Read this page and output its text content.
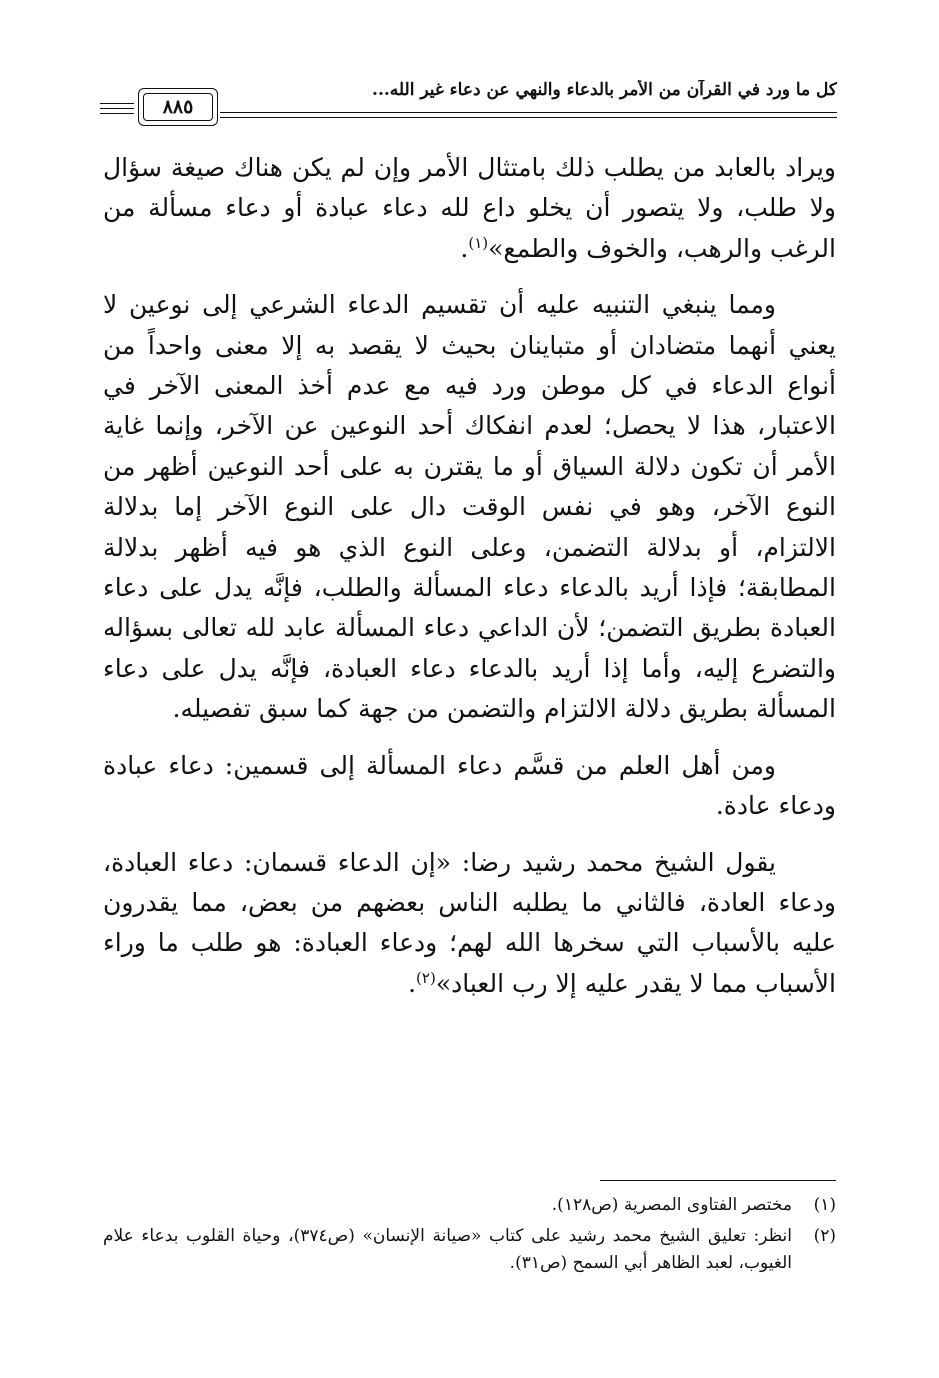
كل ما ورد في القرآن من الأمر بالدعاء والنهي عن دعاء غير الله...
٨٨٥

ويراد بالعابد من يطلب ذلك بامتثال الأمر وإن لم يكن هناك صيغة سؤال ولا طلب، ولا يتصور أن يخلو داع لله دعاء عبادة أو دعاء مسألة من الرغب والرهب، والخوف والطمع»$^{(١)}$.

ومما ينبغي التنبيه عليه أن تقسيم الدعاء الشرعي إلى نوعين لا يعني أنهما متضادان أو متباينان بحيث لا يقصد به إلا معنى واحداً من أنواع الدعاء في كل موطن ورد فيه مع عدم أخذ المعنى الآخر في الاعتبار، هذا لا يحصل؛ لعدم انفكاك أحد النوعين عن الآخر، وإنما غاية الأمر أن تكون دلالة السياق أو ما يقترن به على أحد النوعين أظهر من النوع الآخر، وهو في نفس الوقت دال على النوع الآخر إما بدلالة الالتزام، أو بدلالة التضمن، وعلى النوع الذي هو فيه أظهر بدلالة المطابقة؛ فإذا أريد بالدعاء دعاء المسألة والطلب، فإنَّه يدل على دعاء العبادة بطريق التضمن؛ لأن الداعي دعاء المسألة عابد لله تعالى بسؤاله والتضرع إليه، وأما إذا أريد بالدعاء دعاء العبادة، فإنَّه يدل على دعاء المسألة بطريق دلالة الالتزام والتضمن من جهة كما سبق تفصيله.

ومن أهل العلم من قسَّم دعاء المسألة إلى قسمين: دعاء عبادة ودعاء عادة.

يقول الشيخ محمد رشيد رضا: «إن الدعاء قسمان: دعاء العبادة، ودعاء العادة، فالثاني ما يطلبه الناس بعضهم من بعض، مما يقدرون عليه بالأسباب التي سخرها الله لهم؛ ودعاء العبادة: هو طلب ما وراء الأسباب مما لا يقدر عليه إلا رب العباد»$^{(٢)}$.

(١)
مختصر الفتاوى المصرية (ص١٢٨).
(٢)
انظر: تعليق الشيخ محمد رشيد على كتاب «صيانة الإنسان» (ص٣٧٤)، وحياة القلوب بدعاء علام الغيوب، لعبد الظاهر أبي السمح (ص٣١).
